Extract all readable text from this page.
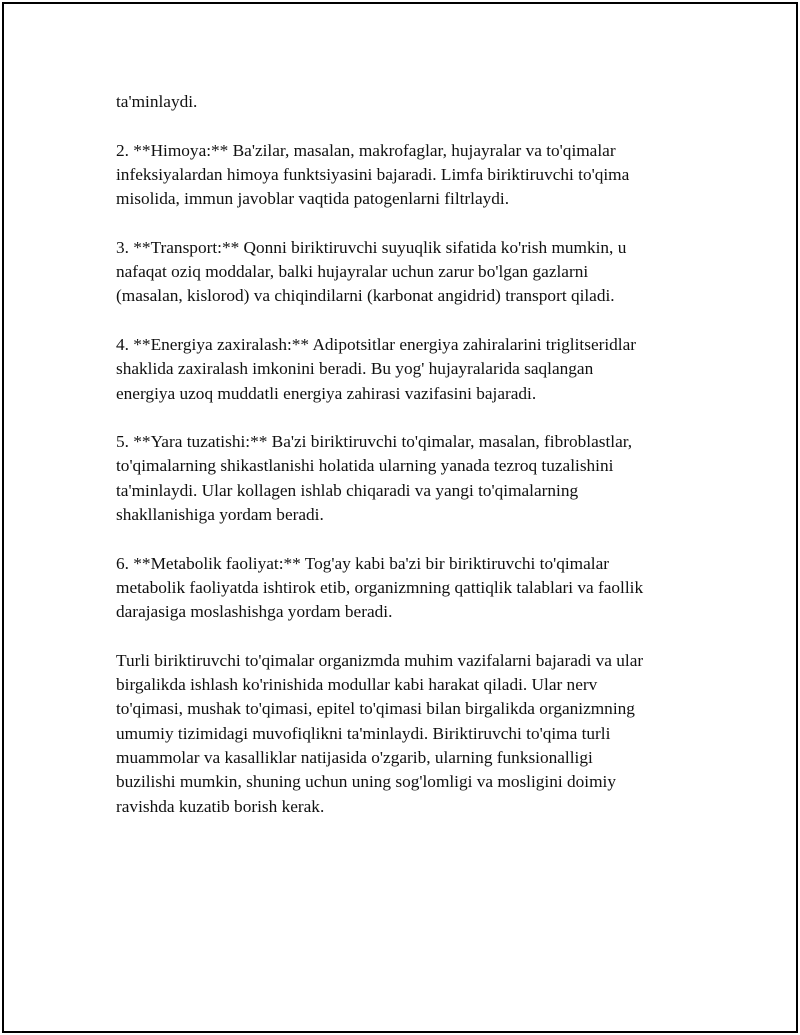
ta'minlaydi.

2. **Himoya:** Ba'zilar, masalan, makrofaglar, hujayralar va to'qimalar
infeksiyalardan himoya funktsiyasini bajaradi. Limfa biriktiruvchi to'qima
misolida, immun javoblar vaqtida patogenlarni filtrlaydi.

3. **Transport:** Qonni biriktiruvchi suyuqlik sifatida ko'rish mumkin, u
nafaqat oziq moddalar, balki hujayralar uchun zarur bo'lgan gazlarni
(masalan, kislorod) va chiqindilarni (karbonat angidrid) transport qiladi.

4. **Energiya zaxiralash:** Adipotsitlar energiya zahiralarini triglitseridlar
shaklida zaxiralash imkonini beradi. Bu yog' hujayralarida saqlangan
energiya uzoq muddatli energiya zahirasi vazifasini bajaradi.

5. **Yara tuzatishi:** Ba'zi biriktiruvchi to'qimalar, masalan, fibroblastlar,
to'qimalarning shikastlanishi holatida ularning yanada tezroq tuzalishini
ta'minlaydi. Ular kollagen ishlab chiqaradi va yangi to'qimalarning
shakllanishiga yordam beradi.

6. **Metabolik faoliyat:** Tog'ay kabi ba'zi bir biriktiruvchi to'qimalar
metabolik faoliyatda ishtirok etib, organizmning qattiqlik talablari va faollik
darajasiga moslashishga yordam beradi.

Turli biriktiruvchi to'qimalar organizmda muhim vazifalarni bajaradi va ular
birgalikda ishlash ko'rinishida modullar kabi harakat qiladi. Ular nerv
to'qimasi, mushak to'qimasi, epitel to'qimasi bilan birgalikda organizmning
umumiy tizimidagi muvofiqlikni ta'minlaydi. Biriktiruvchi to'qima turli
muammolar va kasalliklar natijasida o'zgarib, ularning funksionalligi
buzilishi mumkin, shuning uchun uning sog'lomligi va mosligini doimiy
ravishda kuzatib borish kerak.
